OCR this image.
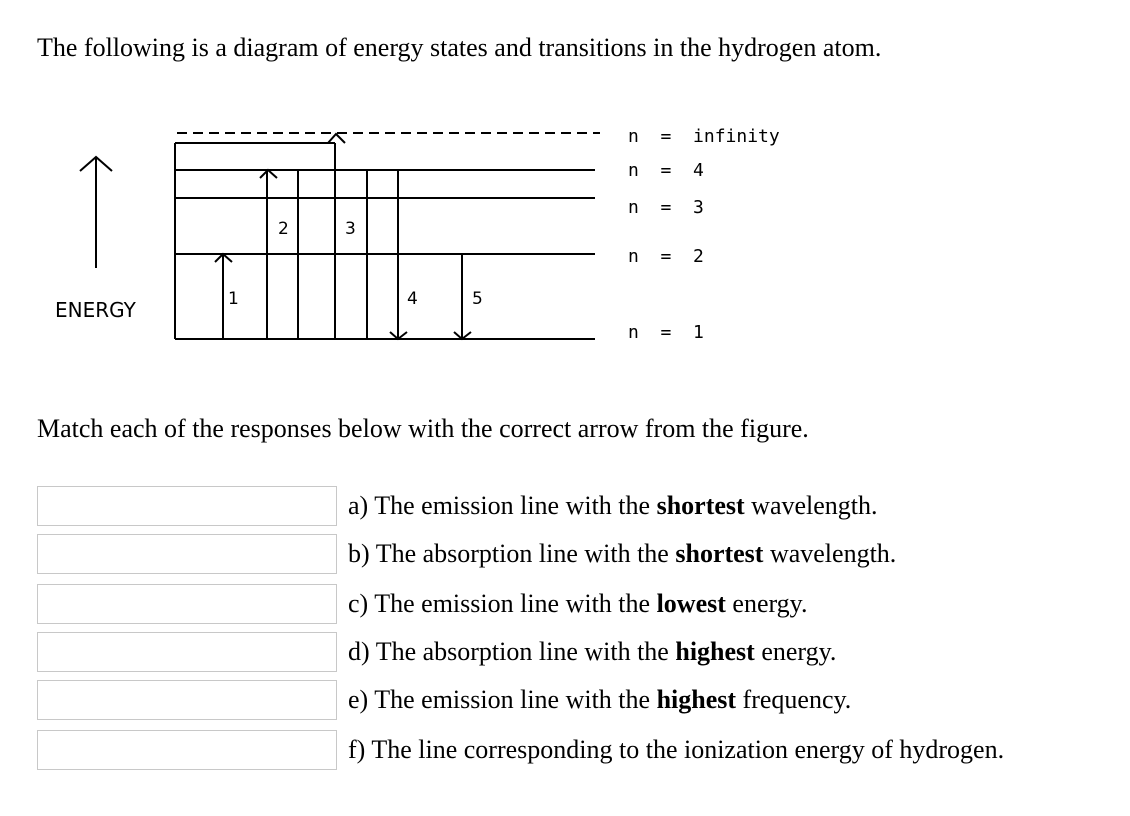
The following is a diagram of energy states and transitions in the hydrogen atom.

ENERGY	1
2	3
4	5
n  =  infinity
n  =  4
n  =  3
n  =  2
n  =  1

Match each of the responses below with the correct arrow from the figure.

a) The emission line with the shortest wavelength.
b) The absorption line with the shortest wavelength.
c) The emission line with the lowest energy.
d) The absorption line with the highest energy.
e) The emission line with the highest frequency.
f) The line corresponding to the ionization energy of hydrogen.
